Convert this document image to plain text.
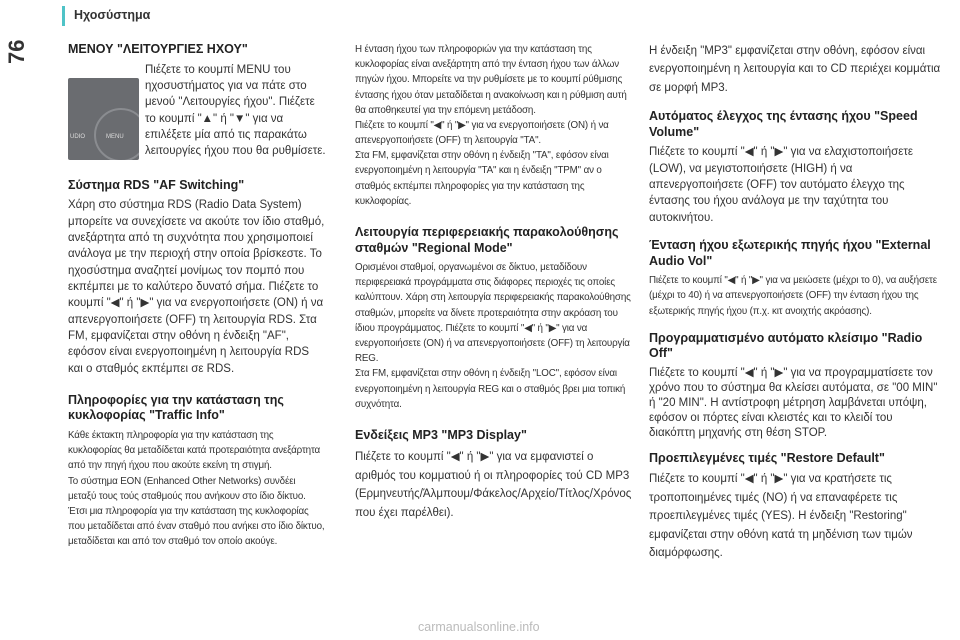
Ηχοσύστημα
76	ΜΕΝΟΥ "ΛΕΙΤΟΥΡΓΙΕΣ ΗΧΟΥ"
UDIO	MENU

Πιέζετε το κουμπί MENU του ηχοσυστήματος για να πάτε στο μενού "Λειτουργίες ήχου". Πιέζετε το κουμπί "▲" ή "▼" για να επιλέξετε μία από τις παρακάτω λειτουργίες ήχου που θα ρυθμίσετε.

Σύστημα RDS "AF Switching"

Χάρη στο σύστημα RDS (Radio Data System) μπορείτε να συνεχίσετε να ακούτε τον ίδιο σταθμό, ανεξάρτητα από τη συχνότητα που χρησιμοποιεί ανάλογα με την περιοχή στην οποία βρίσκεστε. Το ηχοσύστημα αναζητεί μονίμως τον πομπό που εκπέμπει με το καλύτερο δυνατό σήμα. Πιέζετε το κουμπί "◀" ή "▶" για να ενεργοποιήσετε (ON) ή να απενεργοποιήσετε (OFF) τη λειτουργία RDS. Στα FM, εμφανίζεται στην οθόνη η ένδειξη "AF", εφόσον είναι ενεργοποιημένη η λειτουργία RDS και ο σταθμός εκπέμπει σε RDS.

Πληροφορίες για την κατάσταση της κυκλοφορίας "Traffic Info"

Κάθε έκτακτη πληροφορία για την κατάσταση της κυκλοφορίας θα μεταδίδεται κατά προτεραιότητα ανεξάρτητα από την πηγή ήχου που ακούτε εκείνη τη στιγμή.
Το σύστημα EON (Enhanced Other Networks) συνδέει μεταξύ τους τούς σταθμούς που ανήκουν στο ίδιο δίκτυο. Έτσι μια πληροφορία για την κατάσταση της κυκλοφορίας που μεταδίδεται από έναν σταθμό που ανήκει στο ίδιο δίκτυο, μεταδίδεται και από τον σταθμό τον οποίο ακούγε.

Η ένταση ήχου των πληροφοριών για την κατάσταση της κυκλοφορίας είναι ανεξάρτητη από την ένταση ήχου των άλλων πηγών ήχου. Μπορείτε να την ρυθμίσετε με το κουμπί ρύθμισης έντασης ήχου όταν μεταδίδεται η ανακοίνωση και η ρύθμιση αυτή θα αποθηκευτεί για την επόμενη μετάδοση.
Πιέζετε το κουμπί "◀" ή "▶" για να ενεργοποιήσετε (ON) ή να απενεργοποιήσετε (OFF) τη λειτουργία "TA".
Στα FM, εμφανίζεται στην οθόνη η ένδειξη "TA", εφόσον είναι ενεργοποιημένη η λειτουργία "TA" και η ένδειξη "TPM" αν ο σταθμός εκπέμπει πληροφορίες για την κατάσταση της κυκλοφορίας.

Λειτουργία περιφερειακής παρακολούθησης σταθμών "Regional Mode"

Ορισμένοι σταθμοί, οργανωμένοι σε δίκτυο, μεταδίδουν περιφερειακά προγράμματα στις διάφορες περιοχές τις οποίες καλύπτουν. Χάρη στη λειτουργία περιφερειακής παρακολούθησης σταθμών, μπορείτε να δίνετε προτεραιότητα στην ακρόαση του ίδιου προγράμματος. Πιέζετε το κουμπί "◀" ή "▶" για να ενεργοποιήσετε (ON) ή να απενεργοποιήσετε (OFF) τη λειτουργία REG.
Στα FM, εμφανίζεται στην οθόνη η ένδειξη "LOC", εφόσον είναι ενεργοποιημένη η λειτουργία REG και ο σταθμός βρει μια τοπική συχνότητα.

Ενδείξεις MP3 "MP3 Display"

Πιέζετε το κουμπί "◀" ή "▶" για να εμφανιστεί ο αριθμός του κομματιού ή οι πληροφορίες τού CD MP3 (Ερμηνευτής/Άλμπουμ/Φάκελος/Αρχείο/Τίτλος/Χρόνος που έχει παρέλθει).

Η ένδειξη "MP3" εμφανίζεται στην οθόνη, εφόσον είναι ενεργοποιημένη η λειτουργία και το CD περιέχει κομμάτια σε μορφή MP3.

Αυτόματος έλεγχος της έντασης ήχου "Speed Volume"

Πιέζετε το κουμπί "◀" ή "▶" για να ελαχιστοποιήσετε (LOW), να μεγιστοποιήσετε (HIGH) ή να απενεργοποιήσετε (OFF) τον αυτόματο έλεγχο της έντασης του ήχου ανάλογα με την ταχύτητα του αυτοκινήτου.

Ένταση ήχου εξωτερικής πηγής ήχου "External Audio Vol"

Πιέζετε το κουμπί "◀" ή "▶" για να μειώσετε (μέχρι το 0), να αυξήσετε (μέχρι το 40) ή να απενεργοποιήσετε (OFF) την ένταση ήχου της εξωτερικής πηγής ήχου (π.χ. κιτ ανοιχτής ακρόασης).

Προγραμματισμένο αυτόματο κλείσιμο "Radio Off"

Πιέζετε το κουμπί "◀" ή "▶" για να προγραμματίσετε τον χρόνο που το σύστημα θα κλείσει αυτόματα, σε "00 MIN" ή "20 MIN". Η αντίστροφη μέτρηση λαμβάνεται υπόψη, εφόσον οι πόρτες είναι κλειστές και το κλειδί του διακόπτη μηχανής στη θέση STOP.

Προεπιλεγμένες τιμές "Restore Default"

Πιέζετε το κουμπί "◀" ή "▶" για να κρατήσετε τις τροποποιημένες τιμές (NO) ή να επαναφέρετε τις προεπιλεγμένες τιμές (YES). Η ένδειξη "Restoring" εμφανίζεται στην οθόνη κατά τη μηδένιση των τιμών διαμόρφωσης.

carmanualsonline.info
